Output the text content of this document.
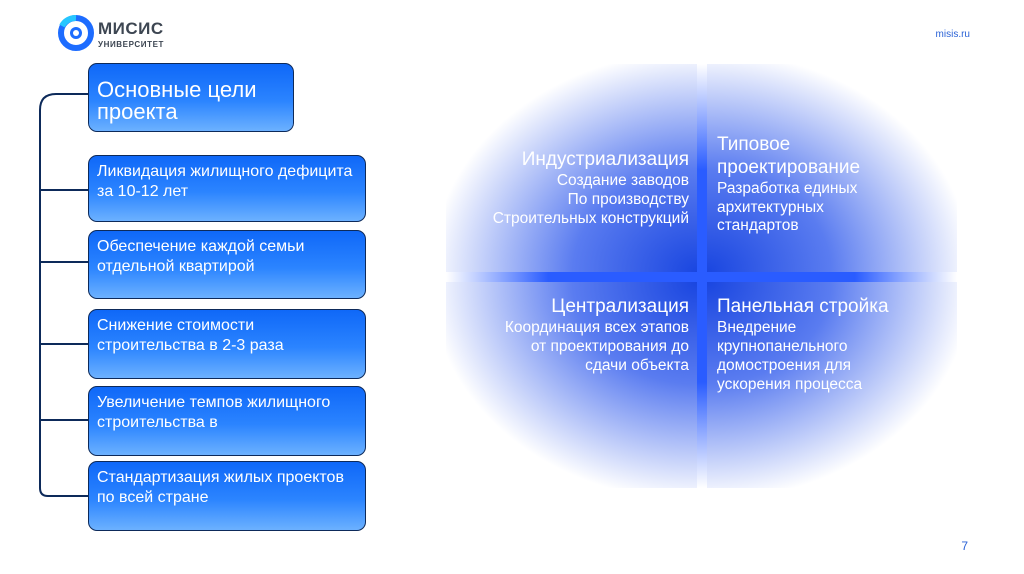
МИСИС
УНИВЕРСИТЕТ
misis.ru
Основные цели
проекта
Ликвидация жилищного дефицита за 10-12 лет
Обеспечение каждой семьи отдельной квартирой
Снижение стоимости строительства в 2-3 раза
Увеличение темпов жилищного строительства в
Стандартизация жилых проектов по всей стране
Индустриализация
Создание заводов
По производству
Строительных конструкций
Типовое
проектирование
Разработка единых
архитектурных
стандартов
Централизация
Координация всех этапов
от проектирования до
сдачи объекта
Панельная стройка
Внедрение
крупнопанельного
домостроения для
ускорения процесса
7
